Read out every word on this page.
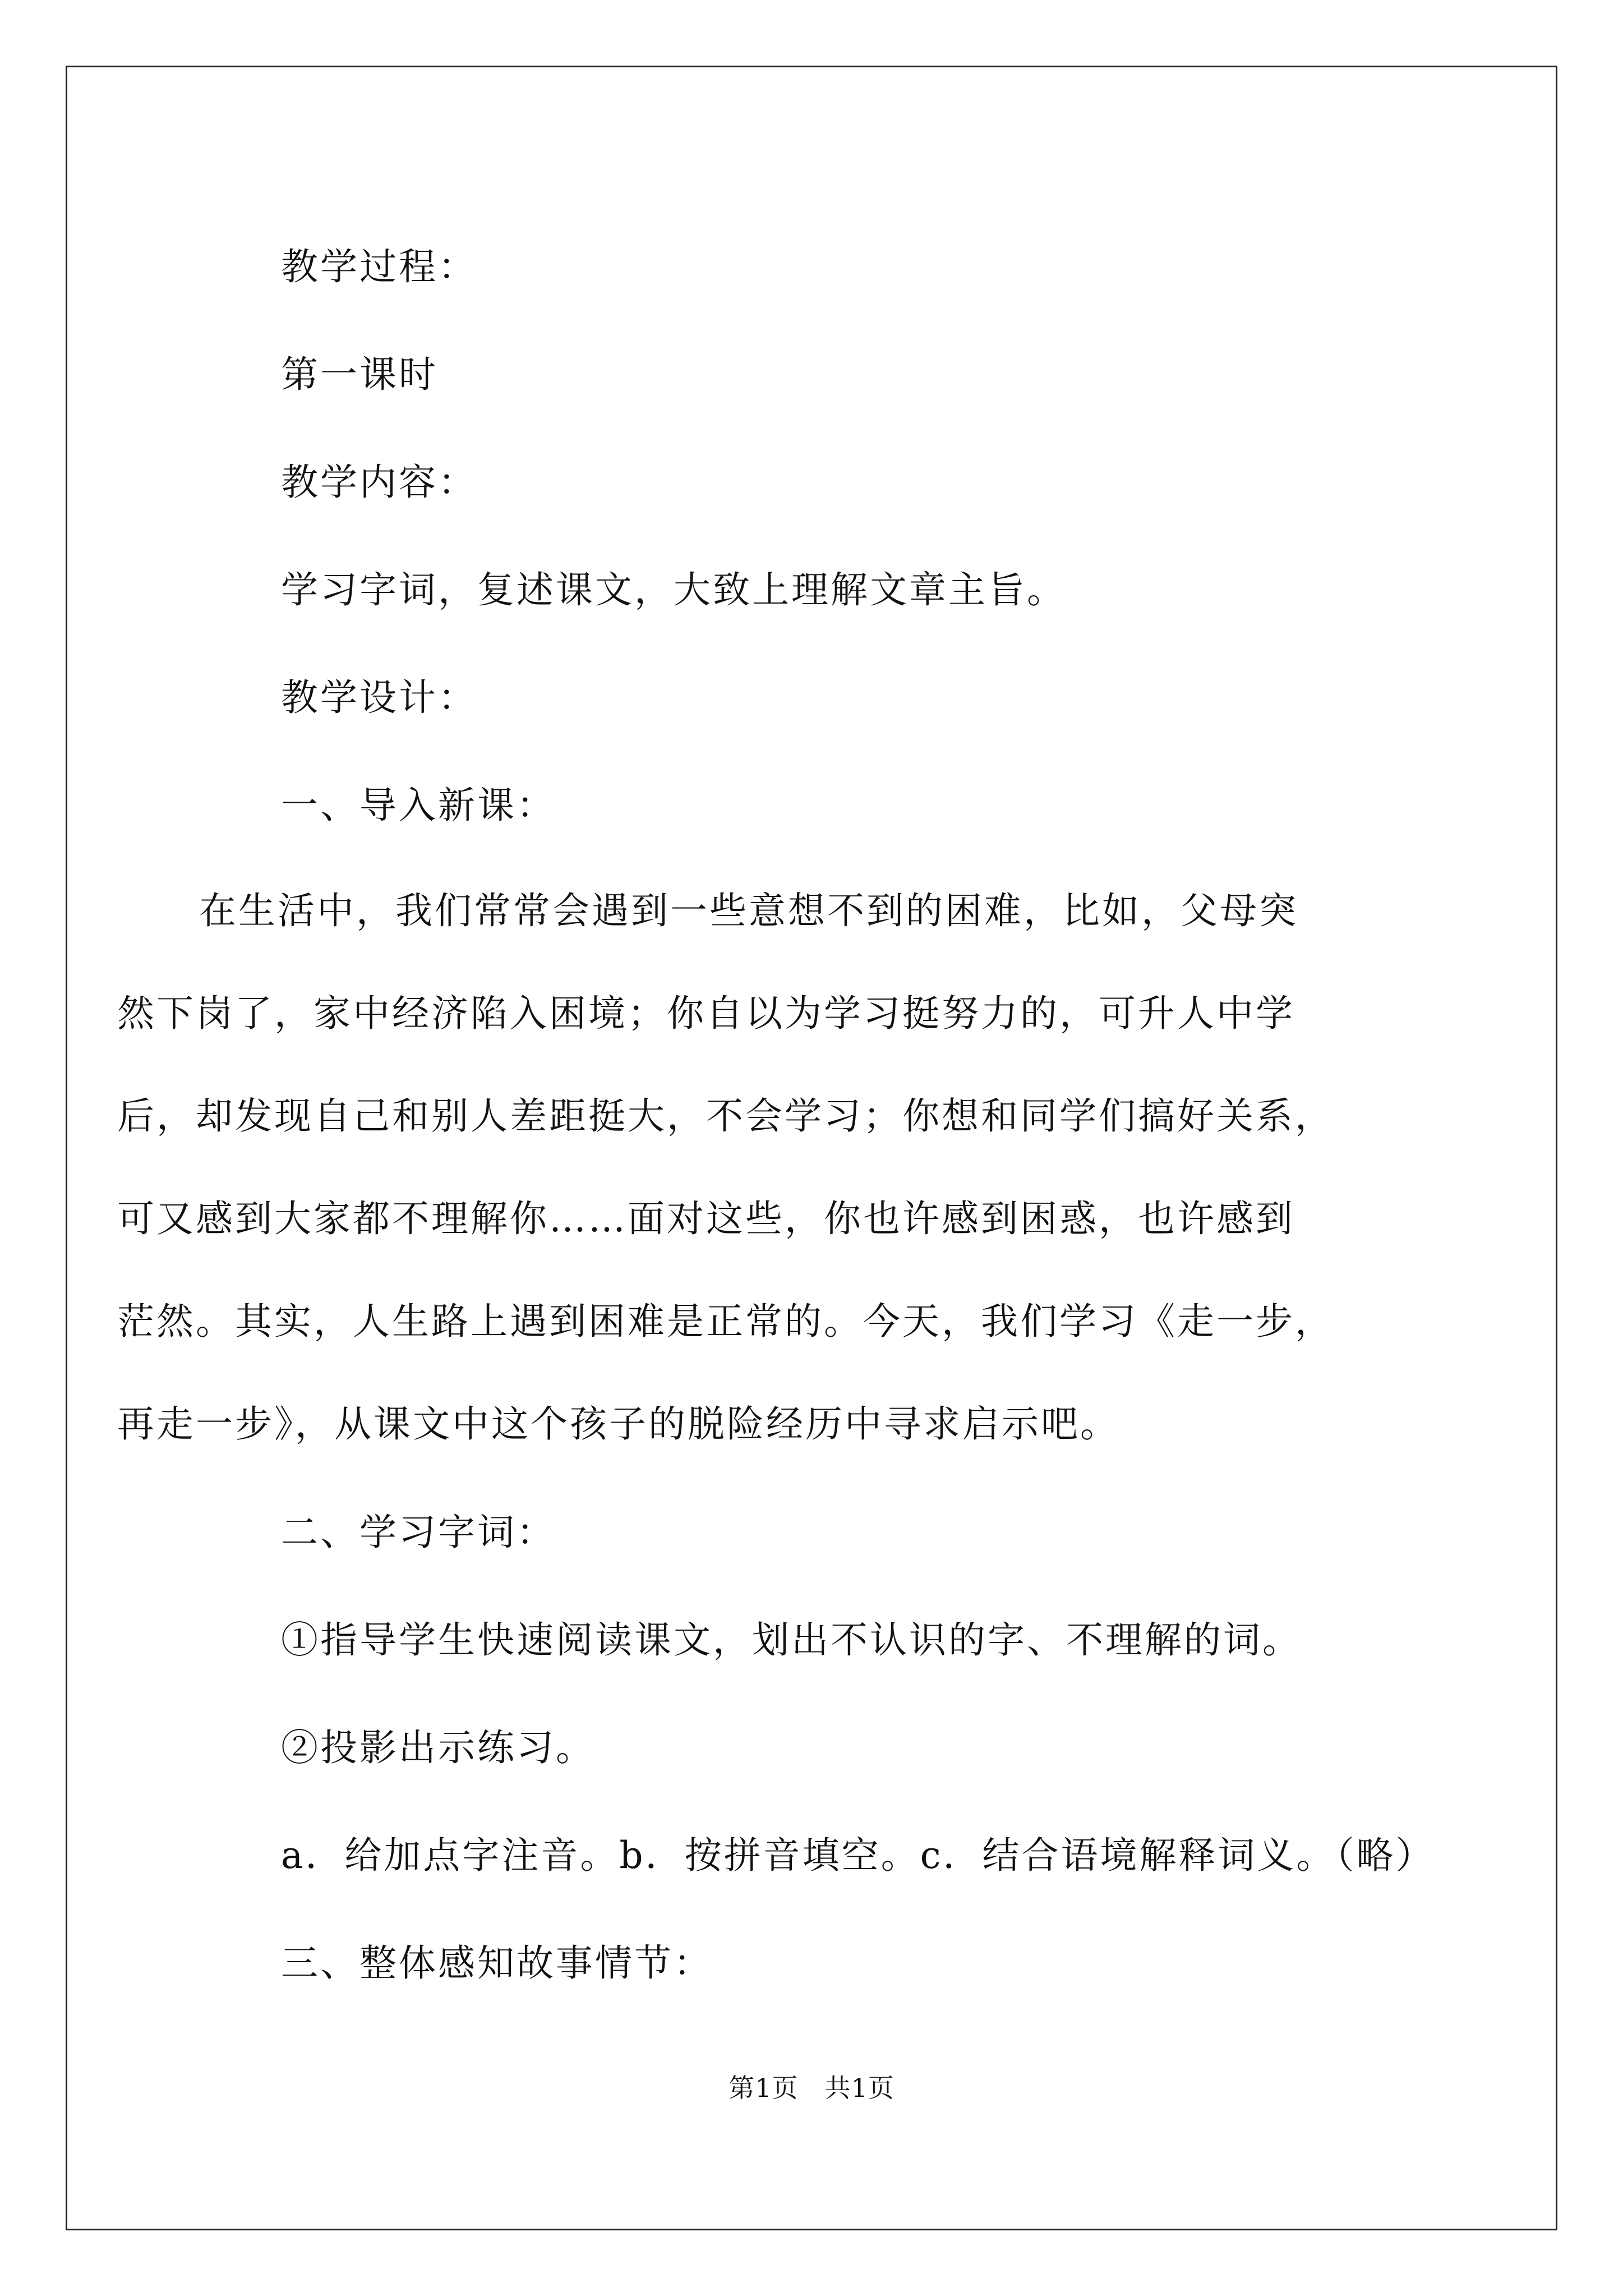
教学过程：

第一课时

教学内容：

学习字词，复述课文，大致上理解文章主旨。

教学设计：

一、导入新课：

在生活中，我们常常会遇到一些意想不到的困难，比如，父母突
然下岗了，家中经济陷入困境；你自以为学习挺努力的，可升人中学
后，却发现自己和别人差距挺大，不会学习；你想和同学们搞好关系，
可又感到大家都不理解你……面对这些，你也许感到困惑，也许感到
茫然。其实，人生路上遇到困难是正常的。今天，我们学习《走一步，
再走一步》，从课文中这个孩子的脱险经历中寻求启示吧。

二、学习字词：

①指导学生快速阅读课文，划出不认识的字、不理解的词。

②投影出示练习。

a．给加点字注音。b．按拼音填空。c．结合语境解释词义。（略）

三、整体感知故事情节：

第1页　共1页
